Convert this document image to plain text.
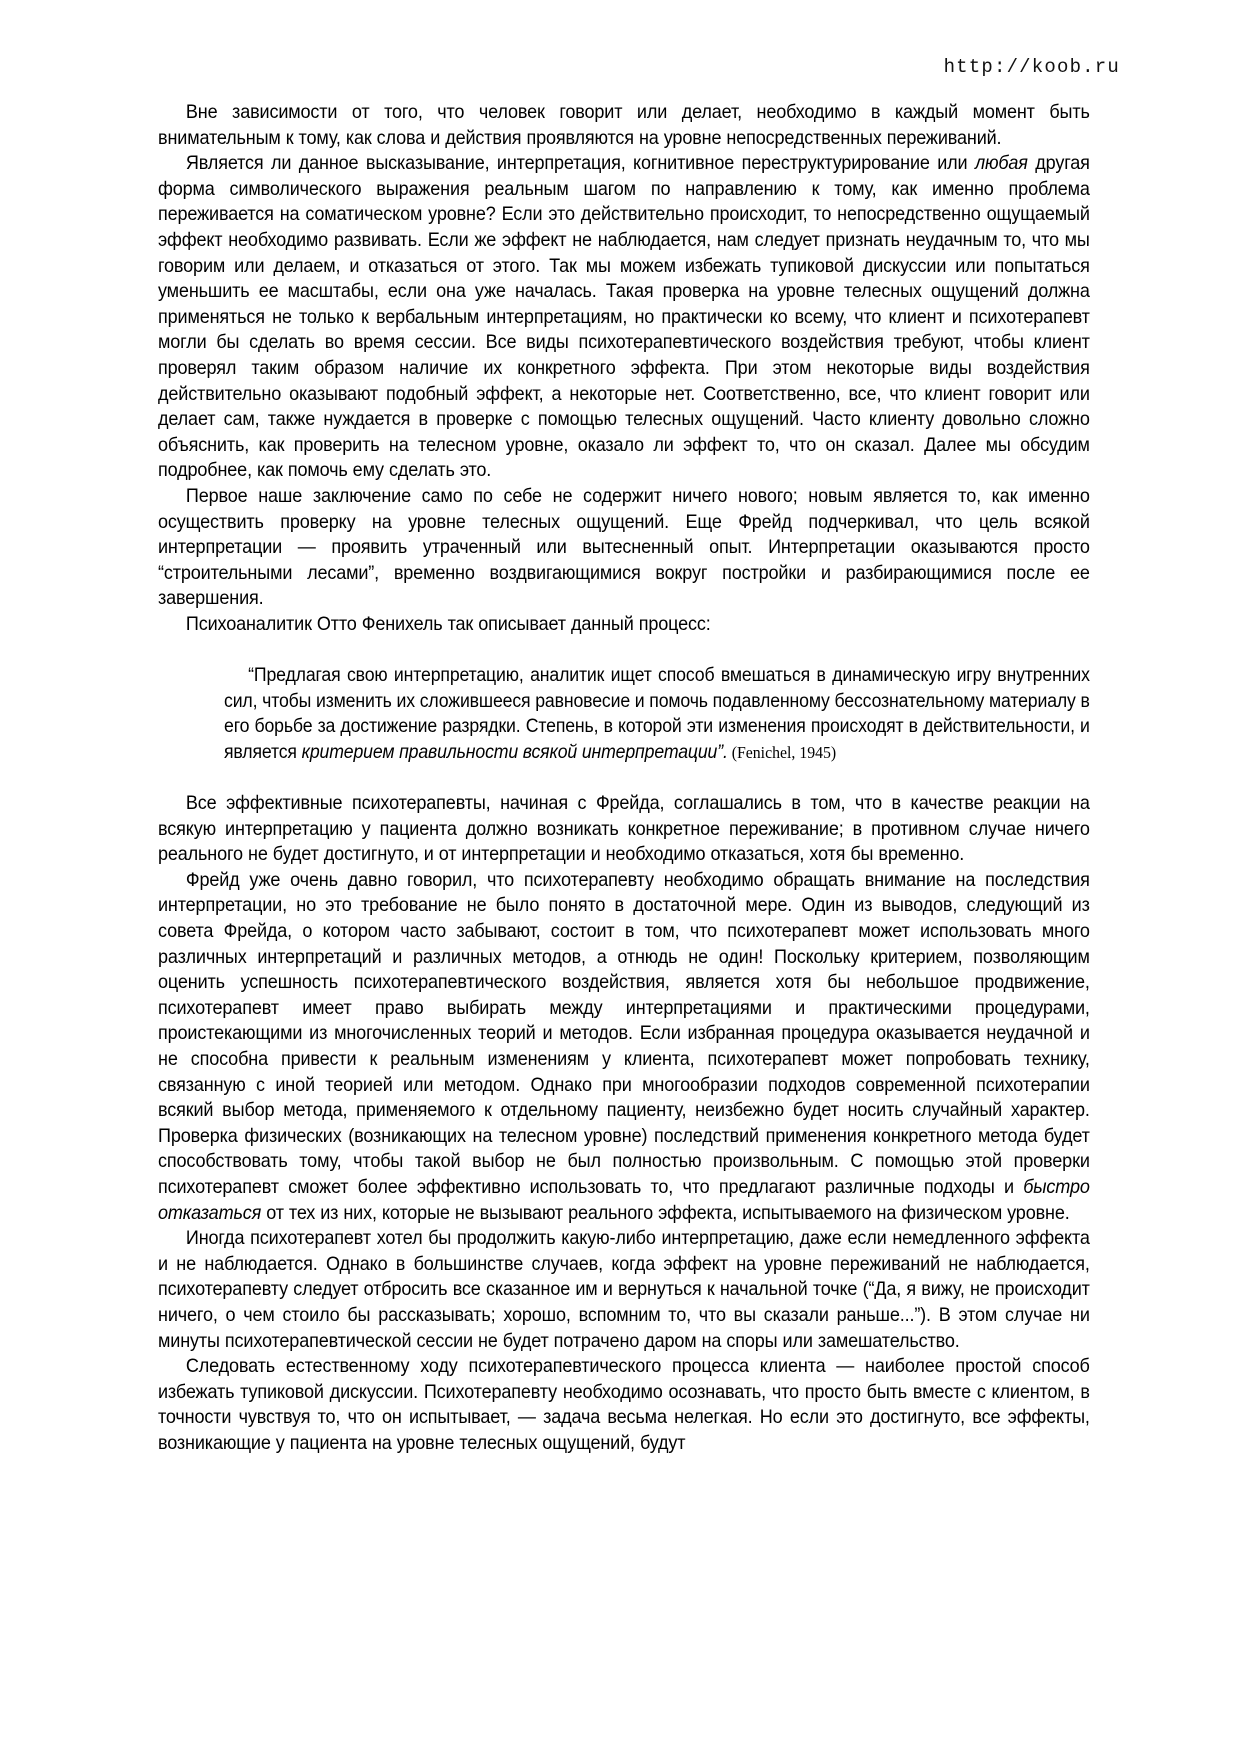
http://koob.ru

Вне зависимости от того, что человек говорит или делает, необходимо в каждый момент быть внимательным к тому, как слова и действия проявляются на уровне непосредственных переживаний.

Является ли данное высказывание, интерпретация, когнитивное переструктурирование или любая другая форма символического выражения реальным шагом по направлению к тому, как именно проблема переживается на соматическом уровне? Если это действительно происходит, то непосредственно ощущаемый эффект необходимо развивать. Если же эффект не наблюдается, нам следует признать неудачным то, что мы говорим или делаем, и отказаться от этого. Так мы можем избежать тупиковой дискуссии или попытаться уменьшить ее масштабы, если она уже началась. Такая проверка на уровне телесных ощущений должна применяться не только к вербальным интерпретациям, но практически ко всему, что клиент и психотерапевт могли бы сделать во время сессии. Все виды психотерапевтического воздействия требуют, чтобы клиент проверял таким образом наличие их конкретного эффекта. При этом некоторые виды воздействия действительно оказывают подобный эффект, а некоторые нет. Соответственно, все, что клиент говорит или делает сам, также нуждается в проверке с помощью телесных ощущений. Часто клиенту довольно сложно объяснить, как проверить на телесном уровне, оказало ли эффект то, что он сказал. Далее мы обсудим подробнее, как помочь ему сделать это.

Первое наше заключение само по себе не содержит ничего нового; новым является то, как именно осуществить проверку на уровне телесных ощущений. Еще Фрейд подчеркивал, что цель всякой интерпретации — проявить утраченный или вытесненный опыт. Интерпретации оказываются просто “строительными лесами”, временно воздвигающимися вокруг постройки и разбирающимися после ее завершения.

Психоаналитик Отто Фенихель так описывает данный процесс:

“Предлагая свою интерпретацию, аналитик ищет способ вмешаться в динамическую игру внутренних сил, чтобы изменить их сложившееся равновесие и помочь подавленному бессознательному материалу в его борьбе за достижение разрядки. Степень, в которой эти изменения происходят в действительности, и является критерием правильности всякой интерпретации”. (Fenichel, 1945)

Все эффективные психотерапевты, начиная с Фрейда, соглашались в том, что в качестве реакции на всякую интерпретацию у пациента должно возникать конкретное переживание; в противном случае ничего реального не будет достигнуто, и от интерпретации и необходимо отказаться, хотя бы временно.

Фрейд уже очень давно говорил, что психотерапевту необходимо обращать внимание на последствия интерпретации, но это требование не было понято в достаточной мере. Один из выводов, следующий из совета Фрейда, о котором часто забывают, состоит в том, что психотерапевт может использовать много различных интерпретаций и различных методов, а отнюдь не один! Поскольку критерием, позволяющим оценить успешность психотерапевтического воздействия, является хотя бы небольшое продвижение, психотерапевт имеет право выбирать между интерпретациями и практическими процедурами, проистекающими из многочисленных теорий и методов. Если избранная процедура оказывается неудачной и не способна привести к реальным изменениям у клиента, психотерапевт может попробовать технику, связанную с иной теорией или методом. Однако при многообразии подходов современной психотерапии всякий выбор метода, применяемого к отдельному пациенту, неизбежно будет носить случайный характер. Проверка физических (возникающих на телесном уровне) последствий применения конкретного метода будет способствовать тому, чтобы такой выбор не был полностью произвольным. С помощью этой проверки психотерапевт сможет более эффективно использовать то, что предлагают различные подходы и быстро отказаться от тех из них, которые не вызывают реального эффекта, испытываемого на физическом уровне.

Иногда психотерапевт хотел бы продолжить какую-либо интерпретацию, даже если немедленного эффекта и не наблюдается. Однако в большинстве случаев, когда эффект на уровне переживаний не наблюдается, психотерапевту следует отбросить все сказанное им и вернуться к начальной точке (“Да, я вижу, не происходит ничего, о чем стоило бы рассказывать; хорошо, вспомним то, что вы сказали раньше...”). В этом случае ни минуты психотерапевтической сессии не будет потрачено даром на споры или замешательство.

Следовать естественному ходу психотерапевтического процесса клиента — наиболее простой способ избежать тупиковой дискуссии. Психотерапевту необходимо осознавать, что просто быть вместе с клиентом, в точности чувствуя то, что он испытывает, — задача весьма нелегкая. Но если это достигнуто, все эффекты, возникающие у пациента на уровне телесных ощущений, будут
